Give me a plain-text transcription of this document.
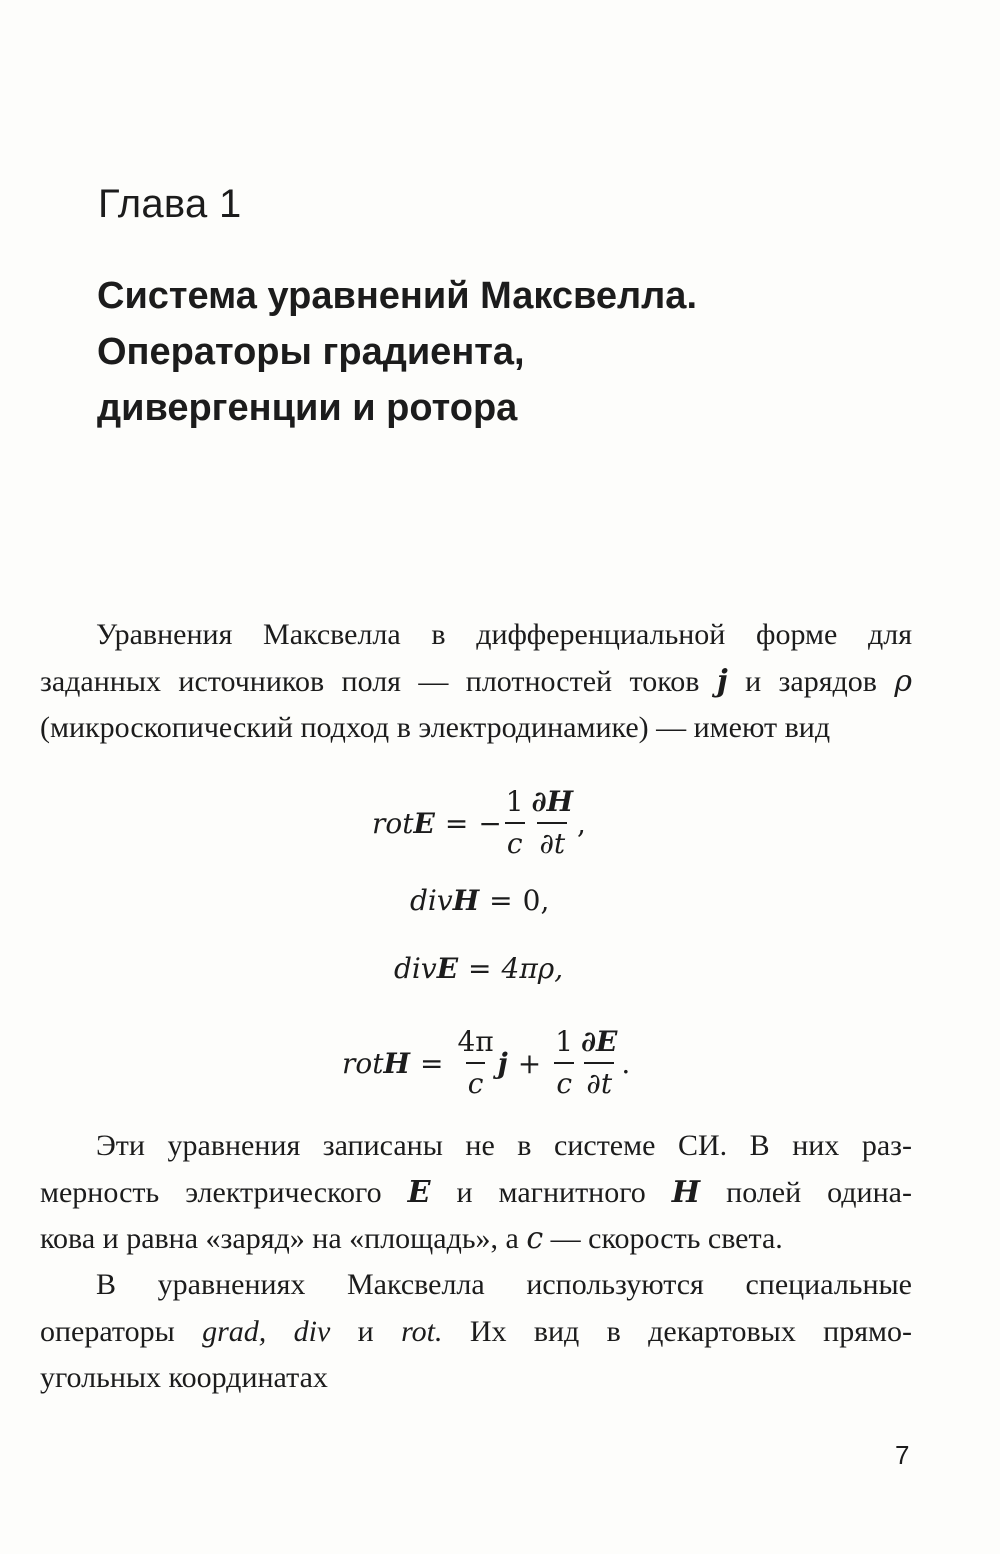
Глава 1
Система уравнений Максвелла.
Операторы градиента,
дивергенции и ротора
Уравнения Максвелла в дифференциальной форме для
заданных источников поля — плотностей токов j и зарядов ρ
(микроскопический подход в электродинамике) — имеют вид
rot E = − $\frac{1}{c} \frac{\partial H}{\partial t}$ ,
div H = 0,
div E = 4πρ,
rot $H = \frac{4\pi}{c}$ $j + \frac{1}{c} \frac{\partial E}{\partial t}$ .
Эти уравнения записаны не в системе СИ. В них раз-
мерность электрического E и магнитного H полей одина-
кова и равна «заряд» на «площадь», а c — скорость света.
В уравнениях Максвелла используются специальные
операторы grad, div и rot. Их вид в декартовых прямо-
угольных координатах
7
